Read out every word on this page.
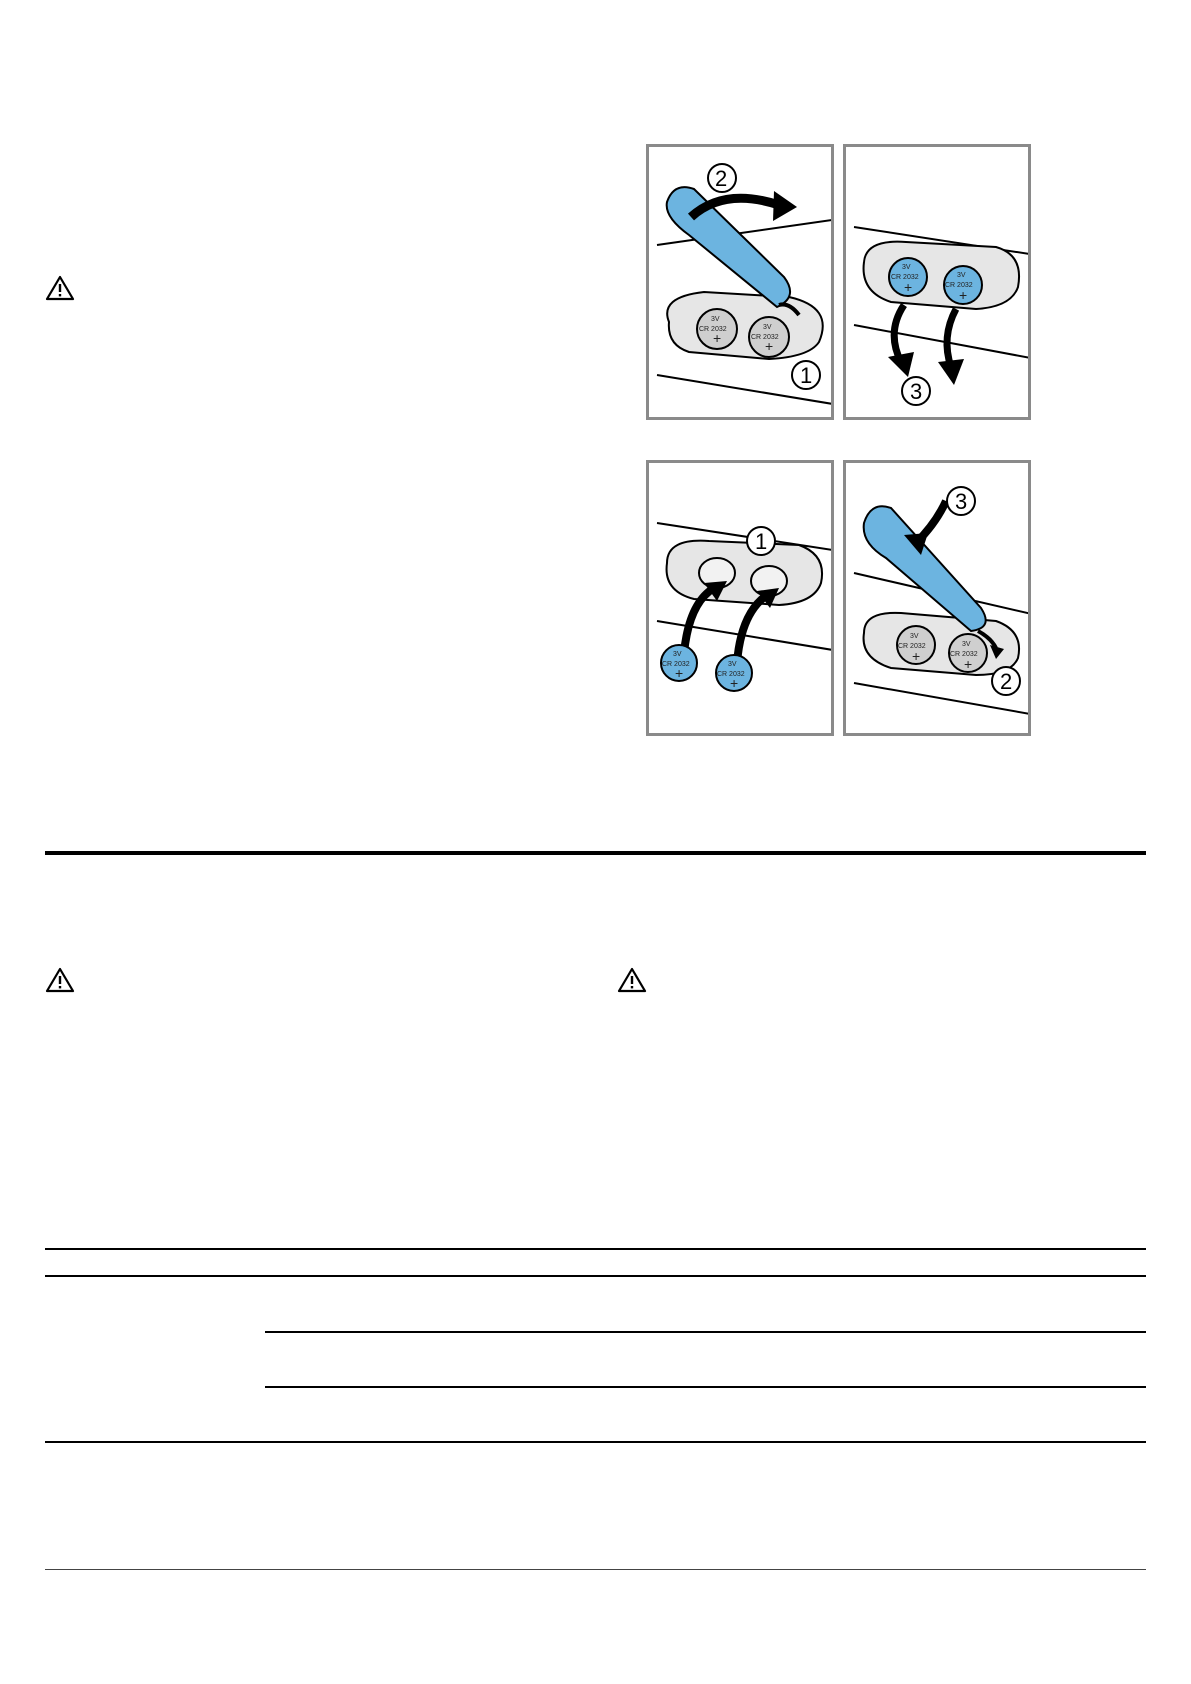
3V
CR 2032
+
3V
CR 2032
+
2
1
3V
CR 2032
+
3V
CR 2032
+
3
1
3V
CR 2032
+
3V
CR 2032
+
3V
CR 2032
+
3V
CR 2032
+
3
2
